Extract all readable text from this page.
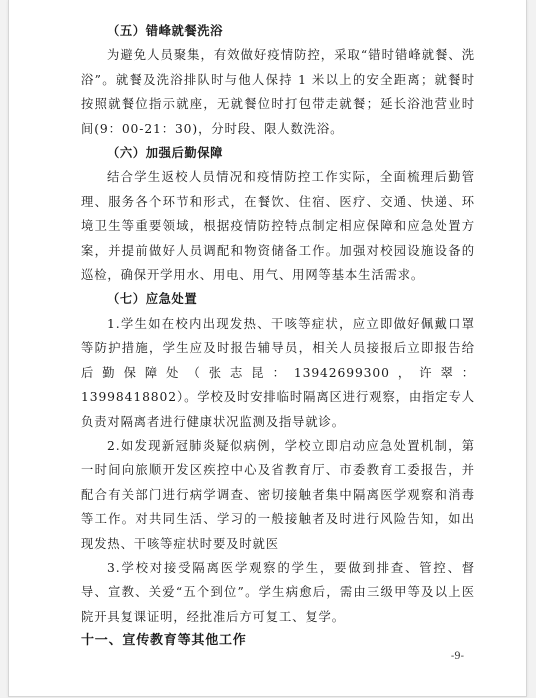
（五）错峰就餐洗浴

为避免人员聚集，有效做好疫情防控，采取“错时错峰就餐、洗浴”。就餐及洗浴排队时与他人保持 1 米以上的安全距离；就餐时按照就餐位指示就座，无就餐位时打包带走就餐；延长浴池营业时间(9：00-21：30)，分时段、限人数洗浴。

（六）加强后勤保障

结合学生返校人员情况和疫情防控工作实际，全面梳理后勤管理、服务各个环节和形式，在餐饮、住宿、医疗、交通、快递、环境卫生等重要领域，根据疫情防控特点制定相应保障和应急处置方案，并提前做好人员调配和物资储备工作。加强对校园设施设备的巡检，确保开学用水、用电、用气、用网等基本生活需求。

（七）应急处置

1.学生如在校内出现发热、干咳等症状，应立即做好佩戴口罩等防护措施，学生应及时报告辅导员，相关人员接报后立即报告给后勤保障处（张志昆：13942699300，许翠：13998418802）。学校及时安排临时隔离区进行观察，由指定专人负责对隔离者进行健康状况监测及指导就诊。

2.如发现新冠肺炎疑似病例，学校立即启动应急处置机制，第一时间向旅顺开发区疾控中心及省教育厅、市委教育工委报告，并配合有关部门进行病学调查、密切接触者集中隔离医学观察和消毒等工作。对共同生活、学习的一般接触者及时进行风险告知，如出现发热、干咳等症状时要及时就医

3.学校对接受隔离医学观察的学生，要做到排查、管控、督导、宣教、关爱“五个到位”。学生病愈后，需由三级甲等及以上医院开具复课证明，经批准后方可复工、复学。

十一、宣传教育等其他工作

-9-
